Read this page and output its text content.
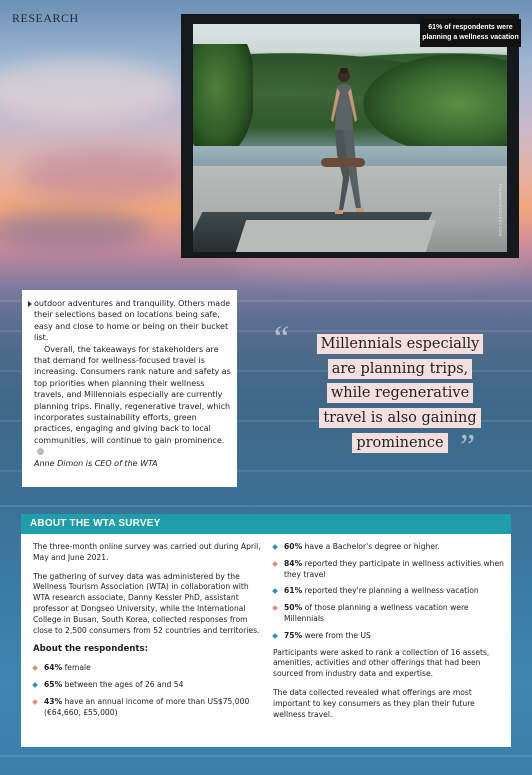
RESEARCH
61% of respondents were planning a wellness vacation
PIXABAY/STOCKSY.COM

outdoor adventures and tranquility. Others made their selections based on locations being safe, easy and close to home or being on their bucket list.

Overall, the takeaways for stakeholders are that demand for wellness-focused travel is increasing. Consumers rank nature and safety as top priorities when planning their wellness travels, and Millennials especially are currently planning trips. Finally, regenerative travel, which incorporates sustainability efforts, green practices, engaging and giving back to local communities, will continue to gain prominence.

Anne Dimon is CEO of the WTA

“	Millennials especially
are planning trips,
while regenerative
travel is also gaining
prominence ”
ABOUT THE WTA SURVEY

The three-month online survey was carried out during April, May and June 2021.

The gathering of survey data was administered by the Wellness Tourism Association (WTA) in collaboration with WTA research associate, Danny Kessler PhD, assistant professor at Dongseo University, while the International College in Busan, South Korea, collected responses from close to 2,500 consumers from 52 countries and territories.

About the respondents:

64% female
65% between the ages of 26 and 54
43% have an annual income of more than US$75,000 (€64,660, £55,000)
60% have a Bachelor's degree or higher.
84% reported they participate in wellness activities when they travel
61% reported they're planning a wellness vacation
50% of those planning a wellness vacation were Millennials
75% were from the US

Participants were asked to rank a collection of 16 assets, amenities, activities and other offerings that had been sourced from industry data and expertise.

The data collected revealed what offerings are most important to key consumers as they plan their future wellness travel.
